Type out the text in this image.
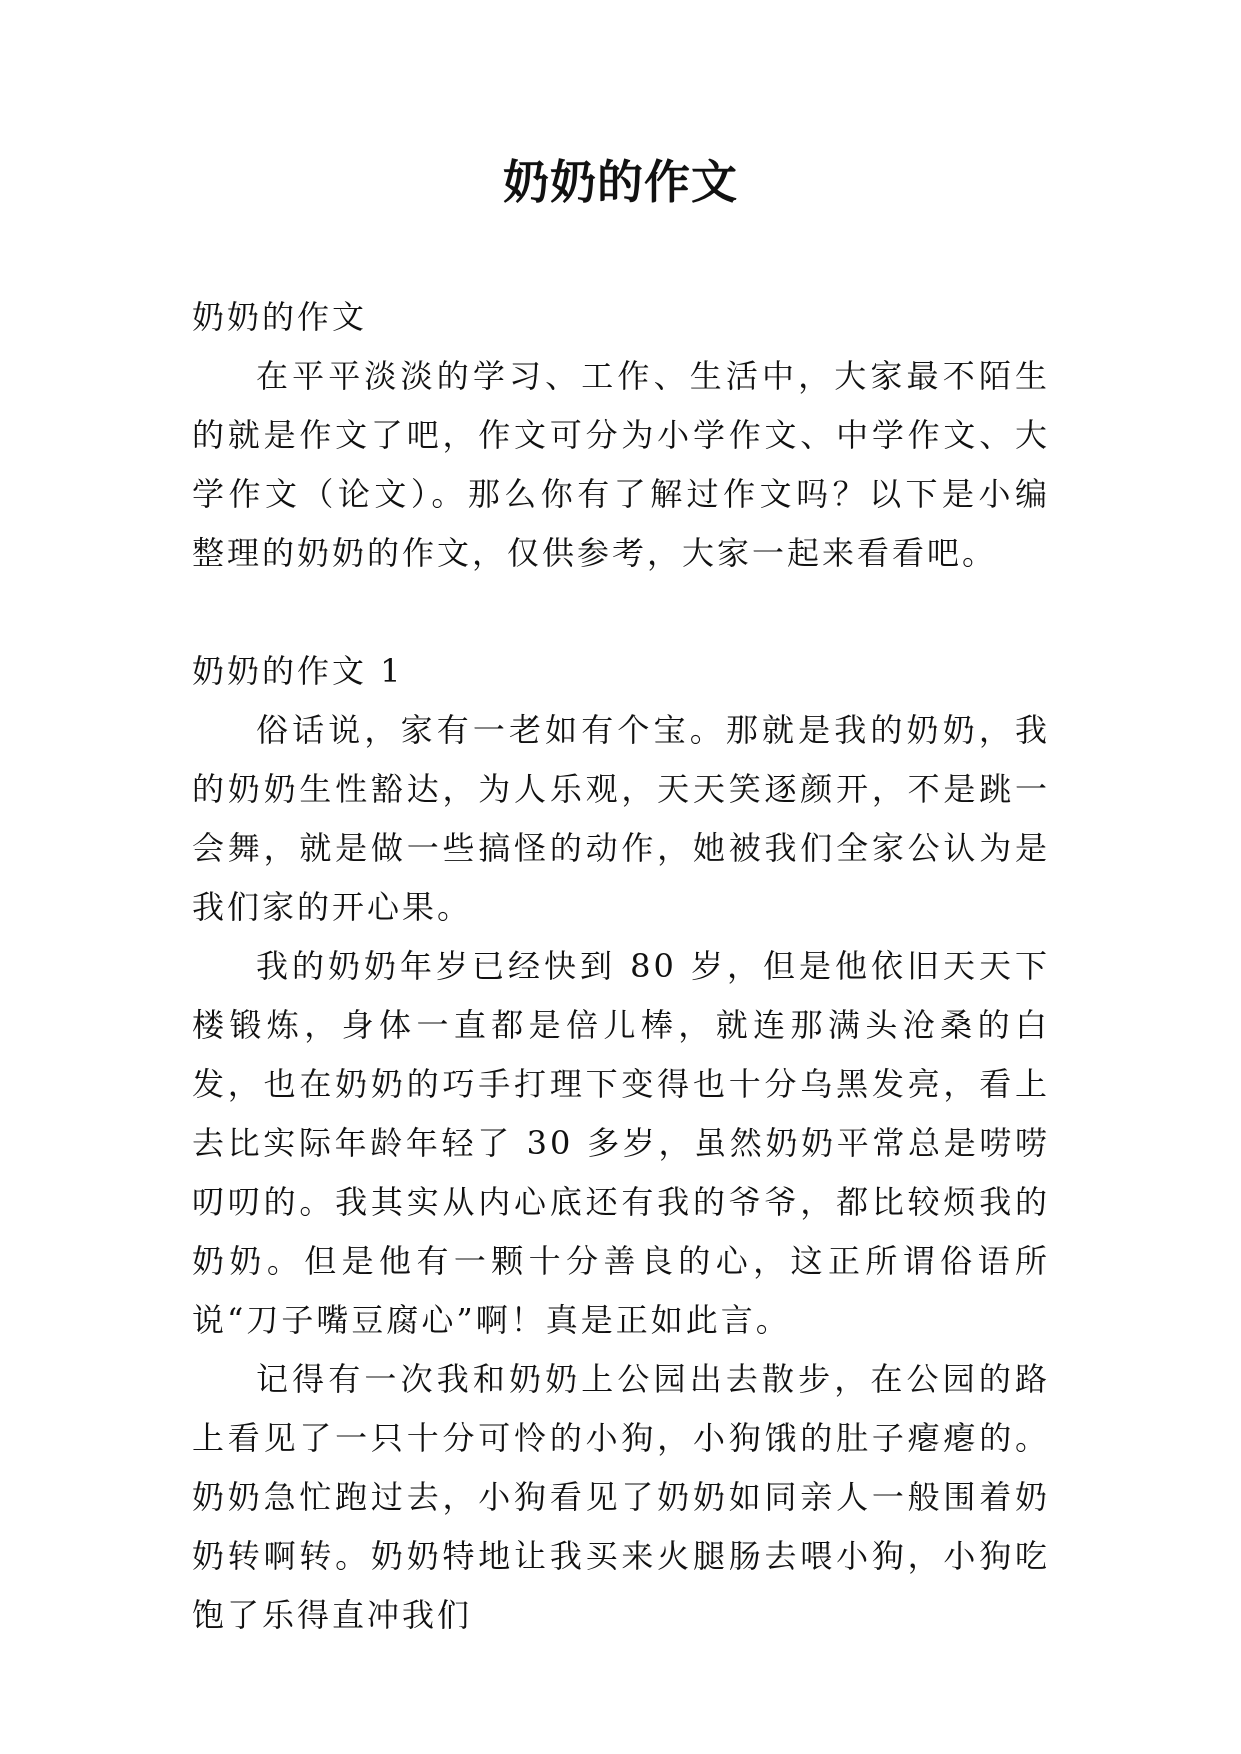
奶奶的作文

奶奶的作文

在平平淡淡的学习、工作、生活中，大家最不陌生的就是作文了吧，作文可分为小学作文、中学作文、大学作文（论文）。那么你有了解过作文吗？以下是小编整理的奶奶的作文，仅供参考，大家一起来看看吧。

奶奶的作文 1

俗话说，家有一老如有个宝。那就是我的奶奶，我的奶奶生性豁达，为人乐观，天天笑逐颜开，不是跳一会舞，就是做一些搞怪的动作，她被我们全家公认为是我们家的开心果。

我的奶奶年岁已经快到 80 岁，但是他依旧天天下楼锻炼，身体一直都是倍儿棒，就连那满头沧桑的白发，也在奶奶的巧手打理下变得也十分乌黑发亮，看上去比实际年龄年轻了 30 多岁，虽然奶奶平常总是唠唠叨叨的。我其实从内心底还有我的爷爷，都比较烦我的奶奶。但是他有一颗十分善良的心，这正所谓俗语所说“刀子嘴豆腐心”啊！真是正如此言。

记得有一次我和奶奶上公园出去散步，在公园的路上看见了一只十分可怜的小狗，小狗饿的肚子瘪瘪的。奶奶急忙跑过去，小狗看见了奶奶如同亲人一般围着奶奶转啊转。奶奶特地让我买来火腿肠去喂小狗，小狗吃饱了乐得直冲我们
